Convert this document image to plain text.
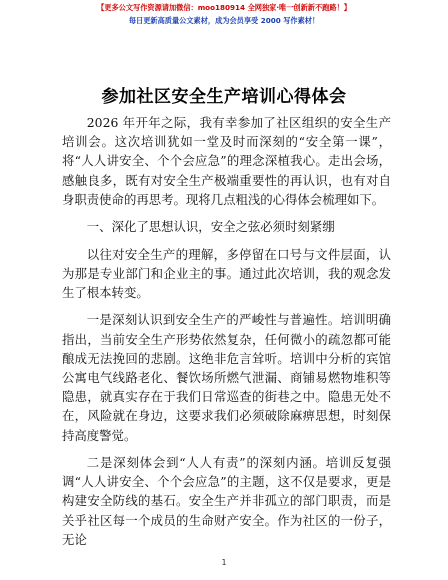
【更多公文写作资源请加微信：moo180914 全网独家·唯一创新新不跑路！】
每日更新高质量公文素材，成为会员享受 2000 写作素材！
参加社区安全生产培训心得体会

2026 年开年之际，我有幸参加了社区组织的安全生产培训会。这次培训犹如一堂及时而深刻的“安全第一课”，将“人人讲安全、个个会应急”的理念深植我心。走出会场，感触良多，既有对安全生产极端重要性的再认识，也有对自身职责使命的再思考。现将几点粗浅的心得体会梳理如下。

一、深化了思想认识，安全之弦必须时刻紧绷

以往对安全生产的理解，多停留在口号与文件层面，认为那是专业部门和企业主的事。通过此次培训，我的观念发生了根本转变。

一是深刻认识到安全生产的严峻性与普遍性。培训明确指出，当前安全生产形势依然复杂，任何微小的疏忽都可能酿成无法挽回的悲剧。这绝非危言耸听。培训中分析的宾馆公寓电气线路老化、餐饮场所燃气泄漏、商铺易燃物堆积等隐患，就真实存在于我们日常巡查的街巷之中。隐患无处不在，风险就在身边，这要求我们必须破除麻痹思想，时刻保持高度警觉。

二是深刻体会到“人人有责”的深刻内涵。培训反复强调“人人讲安全、个个会应急”的主题，这不仅是要求，更是构建安全防线的基石。安全生产并非孤立的部门职责，而是关乎社区每一个成员的生命财产安全。作为社区的一份子，无论

1
